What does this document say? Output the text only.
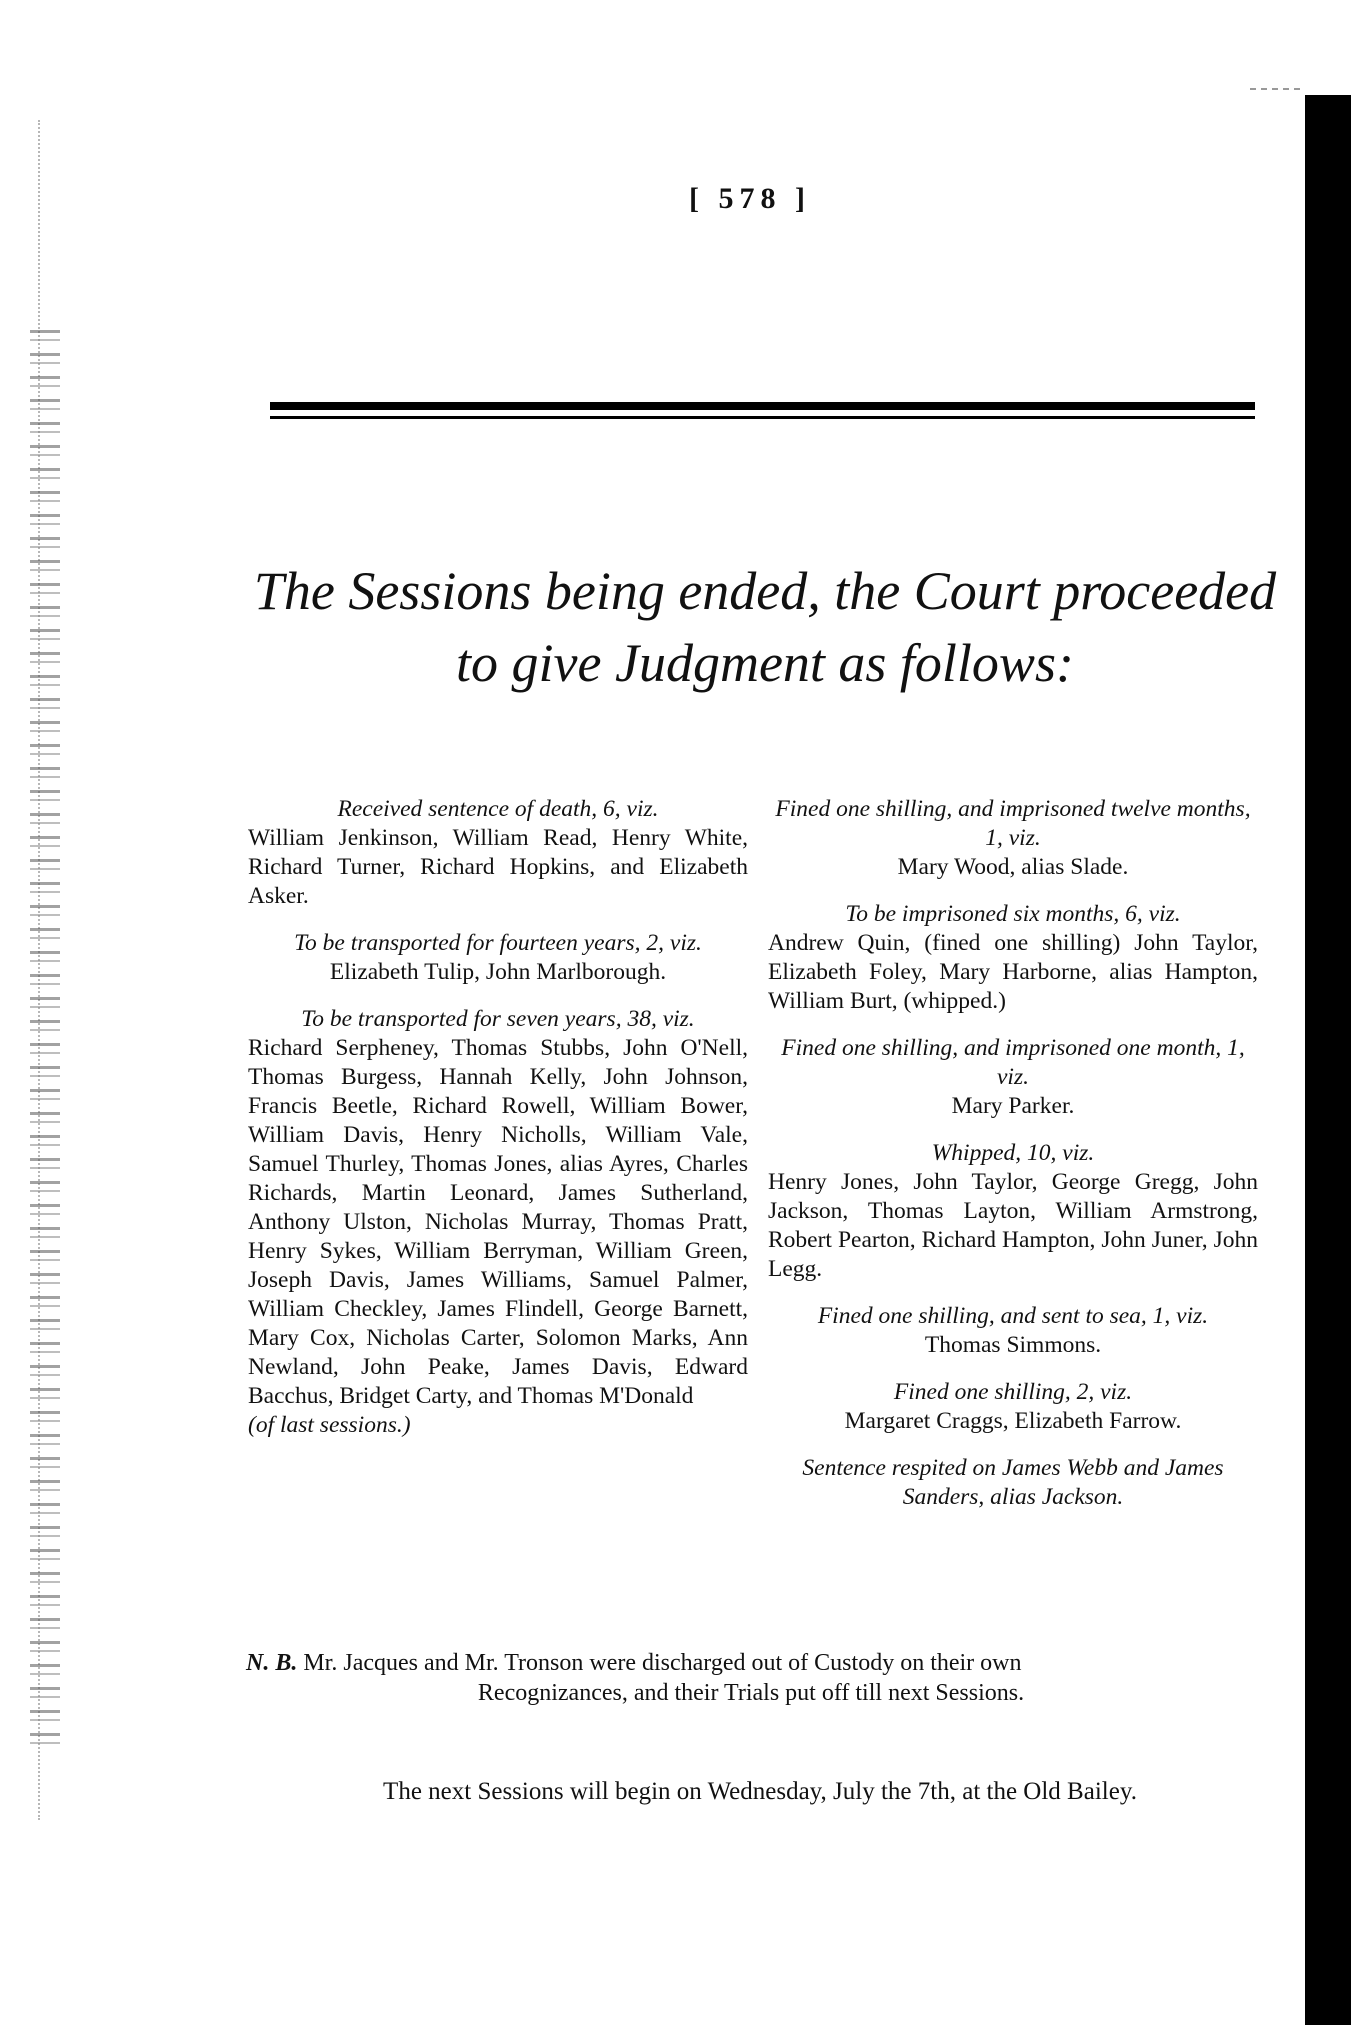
[ 578 ]
The Sessions being ended, the Court proceeded
to give Judgment as follows:

Received sentence of death, 6, viz.

William Jenkinson, William Read, Henry White, Richard Turner, Richard Hopkins, and Elizabeth Asker.

To be transported for fourteen years, 2, viz.

Elizabeth Tulip, John Marlborough.

To be transported for seven years, 38, viz.

Richard Serpheney, Thomas Stubbs, John O'Nell, Thomas Burgess, Hannah Kelly, John Johnson, Francis Beetle, Richard Rowell, William Bower, William Davis, Henry Nicholls, William Vale, Samuel Thurley, Thomas Jones, alias Ayres, Charles Richards, Martin Leonard, James Sutherland, Anthony Ulston, Nicholas Murray, Thomas Pratt, Henry Sykes, William Berryman, William Green, Joseph Davis, James Williams, Samuel Palmer, William Checkley, James Flindell, George Barnett, Mary Cox, Nicholas Carter, Solomon Marks, Ann Newland, John Peake, James Davis, Edward Bacchus, Bridget Carty, and Thomas M'Donald

(of last sessions.)

Fined one shilling, and imprisoned twelve months, 1, viz.

Mary Wood, alias Slade.

To be imprisoned six months, 6, viz.

Andrew Quin, (fined one shilling) John Taylor, Elizabeth Foley, Mary Harborne, alias Hampton, William Burt, (whipped.)

Fined one shilling, and imprisoned one month, 1, viz.

Mary Parker.

Whipped, 10, viz.

Henry Jones, John Taylor, George Gregg, John Jackson, Thomas Layton, William Armstrong, Robert Pearton, Richard Hampton, John Juner, John Legg.

Fined one shilling, and sent to sea, 1, viz.

Thomas Simmons.

Fined one shilling, 2, viz.

Margaret Craggs, Elizabeth Farrow.

Sentence respited on James Webb and James Sanders, alias Jackson.

N. B. Mr. Jacques and Mr. Tronson were discharged out of Custody on their own
Recognizances, and their Trials put off till next Sessions.
The next Sessions will begin on Wednesday, July the 7th, at the Old Bailey.
